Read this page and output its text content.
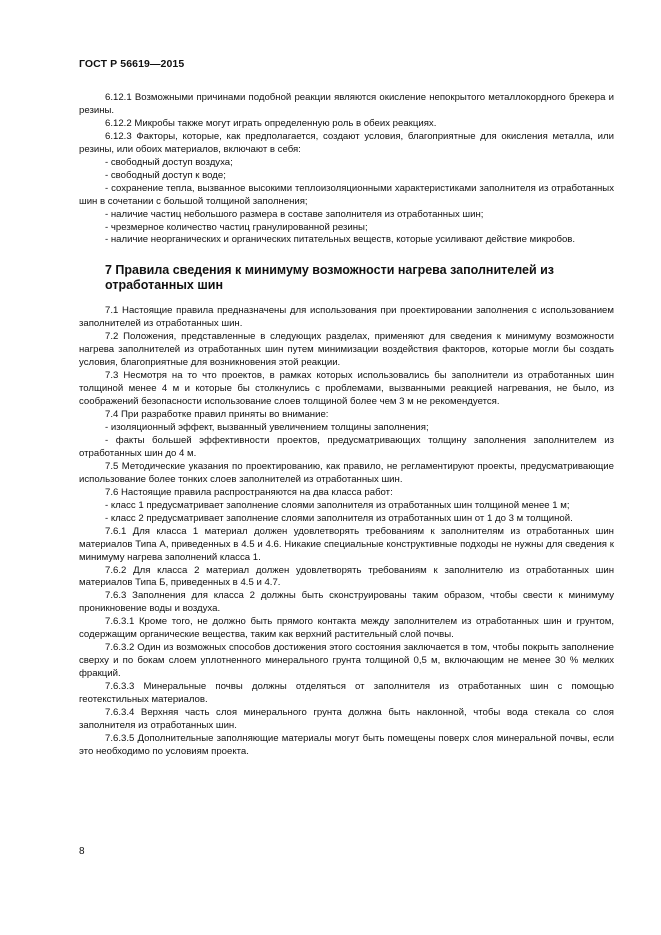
ГОСТ Р 56619—2015

6.12.1 Возможными причинами подобной реакции являются окисление непокрытого металлокордного брекера и резины.

6.12.2 Микробы также могут играть определенную роль в обеих реакциях.

6.12.3 Факторы, которые, как предполагается, создают условия, благоприятные для окисления металла, или резины, или обоих материалов, включают в себя:

- свободный доступ воздуха;

- свободный доступ к воде;

- сохранение тепла, вызванное высокими теплоизоляционными характеристиками заполнителя из отработанных шин в сочетании с большой толщиной заполнения;

- наличие частиц небольшого размера в составе заполнителя из отработанных шин;

- чрезмерное количество частиц гранулированной резины;

- наличие неорганических и органических питательных веществ, которые усиливают действие микробов.

7 Правила сведения к минимуму возможности нагрева заполнителей из отработанных шин

7.1 Настоящие правила предназначены для использования при проектировании заполнения с использованием заполнителей из отработанных шин.

7.2 Положения, представленные в следующих разделах, применяют для сведения к минимуму возможности нагрева заполнителей из отработанных шин путем минимизации воздействия факторов, которые могли бы создать условия, благоприятные для возникновения этой реакции.

7.3 Несмотря на то что проектов, в рамках которых использовались бы заполнители из отработанных шин толщиной менее 4 м и которые бы столкнулись с проблемами, вызванными реакцией нагревания, не было, из соображений безопасности использование слоев толщиной более чем 3 м не рекомендуется.

7.4 При разработке правил приняты во внимание:

- изоляционный эффект, вызванный увеличением толщины заполнения;

- факты большей эффективности проектов, предусматривающих толщину заполнения заполнителем из отработанных шин до 4 м.

7.5 Методические указания по проектированию, как правило, не регламентируют проекты, предусматривающие использование более тонких слоев заполнителей из отработанных шин.

7.6 Настоящие правила распространяются на два класса работ:

- класс 1 предусматривает заполнение слоями заполнителя из отработанных шин толщиной менее 1 м;

- класс 2 предусматривает заполнение слоями заполнителя из отработанных шин от 1 до 3 м толщиной.

7.6.1 Для класса 1 материал должен удовлетворять требованиям к заполнителям из отработанных шин материалов Типа А, приведенных в 4.5 и 4.6. Никакие специальные конструктивные подходы не нужны для сведения к минимуму нагрева заполнений класса 1.

7.6.2 Для класса 2 материал должен удовлетворять требованиям к заполнителю из отработанных шин материалов Типа Б, приведенных в 4.5 и 4.7.

7.6.3 Заполнения для класса 2 должны быть сконструированы таким образом, чтобы свести к минимуму проникновение воды и воздуха.

7.6.3.1 Кроме того, не должно быть прямого контакта между заполнителем из отработанных шин и грунтом, содержащим органические вещества, таким как верхний растительный слой почвы.

7.6.3.2 Один из возможных способов достижения этого состояния заключается в том, чтобы покрыть заполнение сверху и по бокам слоем уплотненного минерального грунта толщиной 0,5 м, включающим не менее 30 % мелких фракций.

7.6.3.3 Минеральные почвы должны отделяться от заполнителя из отработанных шин с помощью геотекстильных материалов.

7.6.3.4 Верхняя часть слоя минерального грунта должна быть наклонной, чтобы вода стекала со слоя заполнителя из отработанных шин.

7.6.3.5 Дополнительные заполняющие материалы могут быть помещены поверх слоя минеральной почвы, если это необходимо по условиям проекта.

8
